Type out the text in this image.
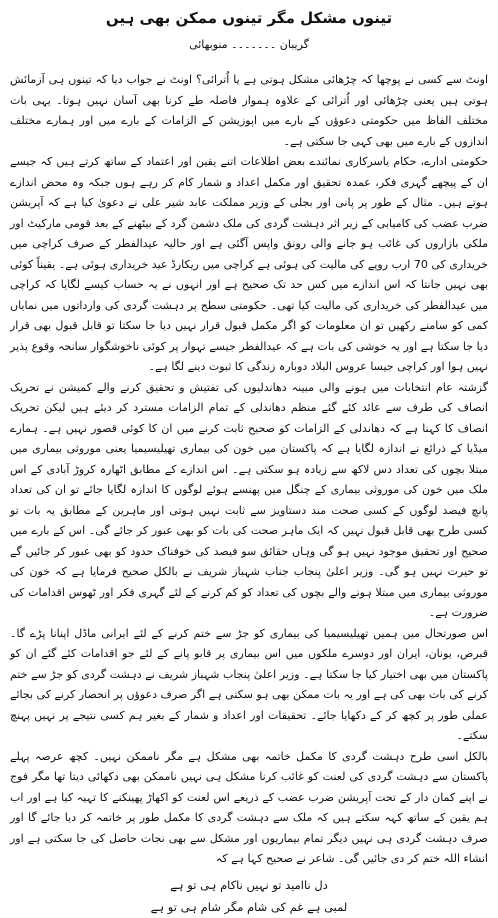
تینوں مشکل مگر تینوں ممکن بھی ہیں
گریبان ۔۔۔۔۔۔۔ منوبھائی

اونٹ سے کسی نے پوچھا کہ چڑھائی مشکل ہوتی ہے یا اُترائی؟ اونٹ نے جواب دیا کہ تینوں ہی آزمائش ہوتی ہیں یعنی چڑھائی اور اُترائی کے علاوہ ہموار فاصلہ طے کرنا بھی آسان نہیں ہوتا۔ یہی بات مختلف الفاظ میں حکومتی دعوؤں کے بارے میں اپوزیشن کے الزامات کے بارے میں اور ہمارے مختلف اندازوں کے بارے میں بھی کہی جا سکتی ہے۔

حکومتی ادارے، حکام یاسرکاری نمائندے بعض اطلاعات اتنے یقین اور اعتماد کے ساتھ کرتے ہیں کہ جیسے ان کے پیچھے گہری فکر، عمدہ تحقیق اور مکمل اعداد و شمار کام کر رہے ہوں جبکہ وہ محض اندازے ہوتے ہیں۔ مثال کے طور پر پانی اور بجلی کے وزیر مملکت عابد شیر علی نے دعویٰ کیا ہے کہ آپریشن ضرب عضب کی کامیابی کے زیر اثر دہشت گردی کی ملک دشمن گرد کے بیٹھنے کے بعد قومی مارکیٹ اور ملکی بازاروں کی غائب ہو جانے والی رونق واپس آگئی ہے اور حالیہ عیدالفطر کے صرف کراچی میں خریداری کی 70 ارب روپے کی مالیت کی ہوئی ہے کراچی میں ریکارڈ عید خریداری ہوئی ہے۔ یقیناً کوئی بھی نہیں جانتا کہ اس اندازے میں کس حد تک صحیح ہے اور انہوں نے یہ حساب کیسے لگایا کہ کراچی میں عیدالفطر کی خریداری کی مالیت کیا تھی۔ حکومتی سطح پر دہشت گردی کی وارداتوں میں نمایاں کمی کو سامنے رکھیں تو ان معلومات کو اگر مکمل قبول قرار نہیں دیا جا سکتا تو قابل قبول بھی قرار دیا جا سکتا ہے اور یہ خوشی کی بات ہے کہ عیدالفطر جیسے تہوار پر کوئی ناخوشگوار سانحہ وقوع پذیر نہیں ہوا اور کراچی جیسا عروس البلاد دوبارہ زندگی کا ثبوت دینے لگا ہے۔

گزشتہ عام انتخابات میں ہونے والی مبینہ دھاندلیوں کی تفتیش و تحقیق کرنے والے کمیشن نے تحریک انصاف کی طرف سے عائد کئے گئے منظم دھاندلی کے تمام الزامات مسترد کر دیئے ہیں لیکن تحریک انصاف کا کہنا ہے کہ دھاندلی کے الزامات کو صحیح ثابت کرنے میں ان کا کوئی قصور نہیں ہے۔ ہمارے میڈیا کے ذرائع نے اندازہ لگایا ہے کہ پاکستان میں خون کی بیماری تھیلیسیمیا یعنی موروثی بیماری میں مبتلا بچوں کی تعداد دس لاکھ سے زیادہ ہو سکتی ہے۔ اس اندازے کے مطابق اٹھارہ کروڑ آبادی کے اس ملک میں خون کی موروثی بیماری کے چنگل میں پھنسے ہوئے لوگوں کا اندازہ لگایا جائے تو ان کی تعداد پانچ فیصد لوگوں کے کسی صحت مند دستاویز سے ثابت نہیں ہوتی اور ماہرین کے مطابق یہ بات تو کسی طرح بھی قابل قبول نہیں کہ ایک ماہر صحت کی بات کو بھی عبور کر جائے گی۔ اس کے بارے میں صحیح اور تحقیق موجود نہیں ہو گی وہاں حقائق سو فیصد کی خوفناک حدود کو بھی عبور کر جائیں گے تو حیرت نہیں ہو گی۔ وزیر اعلیٰ پنجاب جناب شہباز شریف نے بالکل صحیح فرمایا ہے کہ خون کی موروثی بیماری میں مبتلا ہونے والے بچوں کی تعداد کو کم کرنے کے لئے گہری فکر اور ٹھوس اقدامات کی ضرورت ہے۔

اس صورتحال میں ہمیں تھیلیسیمیا کی بیماری کو جڑ سے ختم کرنے کے لئے ایرانی ماڈل اپنانا پڑے گا۔ قبرص، یونان، ایران اور دوسرے ملکوں میں اس بیماری پر قابو پانے کے لئے جو اقدامات کئے گئے ان کو پاکستان میں بھی اختیار کیا جا سکتا ہے۔ وزیر اعلیٰ پنجاب شہباز شریف نے دہشت گردی کو جڑ سے ختم کرنے کی بات بھی کی ہے اور یہ بات ممکن بھی ہو سکتی ہے اگر صرف دعوؤں پر انحصار کرنے کی بجائے عملی طور پر کچھ کر کے دکھایا جائے۔ تحقیقات اور اعداد و شمار کے بغیر ہم کسی نتیجے پر نہیں پہنچ سکتے۔

بالکل اسی طرح دہشت گردی کا مکمل خاتمہ بھی مشکل ہے مگر ناممکن نہیں۔ کچھ عرصہ پہلے پاکستان سے دہشت گردی کی لعنت کو غائب کرنا مشکل ہی نہیں ناممکن بھی دکھائی دیتا تھا مگر فوج نے اپنے کمان دار کے تحت آپریشن ضرب عضب کے ذریعے اس لعنت کو اکھاڑ پھینکنے کا تہیہ کیا ہے اور اب ہم یقین کے ساتھ کہہ سکتے ہیں کہ ملک سے دہشت گردی کا مکمل طور پر خاتمہ کر دیا جائے گا اور صرف دہشت گردی ہی نہیں دیگر تمام بیماریوں اور مشکل سے بھی نجات حاصل کی جا سکتی ہے اور انشاء اللہ ختم کر دی جائیں گی۔ شاعر نے صحیح کہا ہے کہ

دل ناامید تو نہیں ناکام ہی تو ہے
لمبی ہے غم کی شام مگر شام ہی تو ہے
